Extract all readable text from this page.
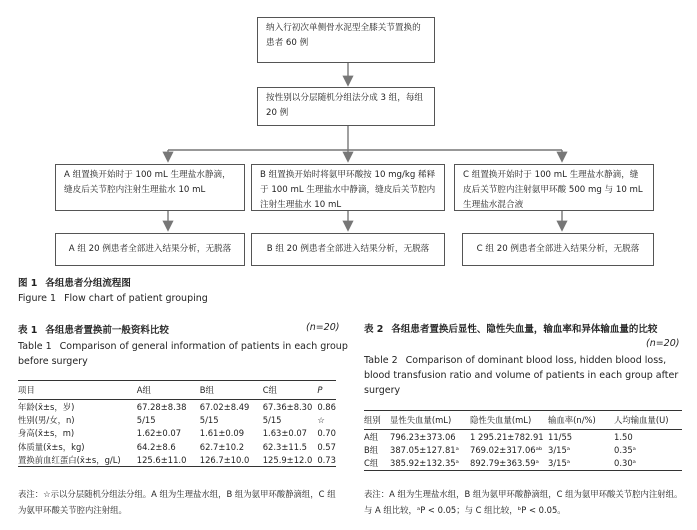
纳入行初次单侧骨水泥型全膝关节置换的患者 60 例
按性别以分层随机分组法分成 3 组，每组 20 例
A 组置换开始时于 100 mL 生理盐水静滴，缝皮后关节腔内注射生理盐水 10 mL
B 组置换开始时将氨甲环酸按 10 mg/kg 稀释于 100 mL 生理盐水中静滴，缝皮后关节腔内注射生理盐水 10 mL
C 组置换开始时于 100 mL 生理盐水静滴，缝皮后关节腔内注射氨甲环酸 500 mg 与 10 mL 生理盐水混合液
A 组 20 例患者全部进入结果分析，无脱落	B 组 20 例患者全部进入结果分析，无脱落	C 组 20 例患者全部进入结果分析，无脱落
图 1 各组患者分组流程图
Figure 1 Flow chart of patient grouping
表 1 各组患者置换前一般资料比较	(n=20)
Table 1 Comparison of general information of patients in each group before surgery
项目	A组	B组	C组	P
年龄(x̄±s，岁)	67.28±8.38	67.02±8.49	67.36±8.30	0.86
性别(男/女，n)	5/15	5/15	5/15	☆
身高(x̄±s，m)	1.62±0.07	1.61±0.09	1.63±0.07	0.70
体质量(x̄±s，kg)	64.2±8.6	62.7±10.2	62.3±11.5	0.57
置换前血红蛋白(x̄±s，g/L)	125.6±11.0	126.7±10.0	125.9±12.0	0.73
表注：☆示以分层随机分组法分组。A 组为生理盐水组，B 组为氨甲环酸静滴组，C 组为氨甲环酸关节腔内注射组。
表 2 各组患者置换后显性、隐性失血量，输血率和异体输血量的比较
(n=20)
Table 2 Comparison of dominant blood loss, hidden blood loss, blood transfusion ratio and volume of patients in each group after surgery
组别	显性失血量(mL)	隐性失血量(mL)	输血率(n/%)	人均输血量(U)
A组	796.23±373.06	1 295.21±782.91	11/55	1.50
B组	387.05±127.81ᵃ	769.02±317.06ᵃᵇ	3/15ᵃ	0.35ᵃ
C组	385.92±132.35ᵃ	892.79±363.59ᵃ	3/15ᵃ	0.30ᵃ
表注：A 组为生理盐水组，B 组为氨甲环酸静滴组，C 组为氨甲环酸关节腔内注射组。与 A 组比较，ᵃP < 0.05；与 C 组比较，ᵇP < 0.05。
